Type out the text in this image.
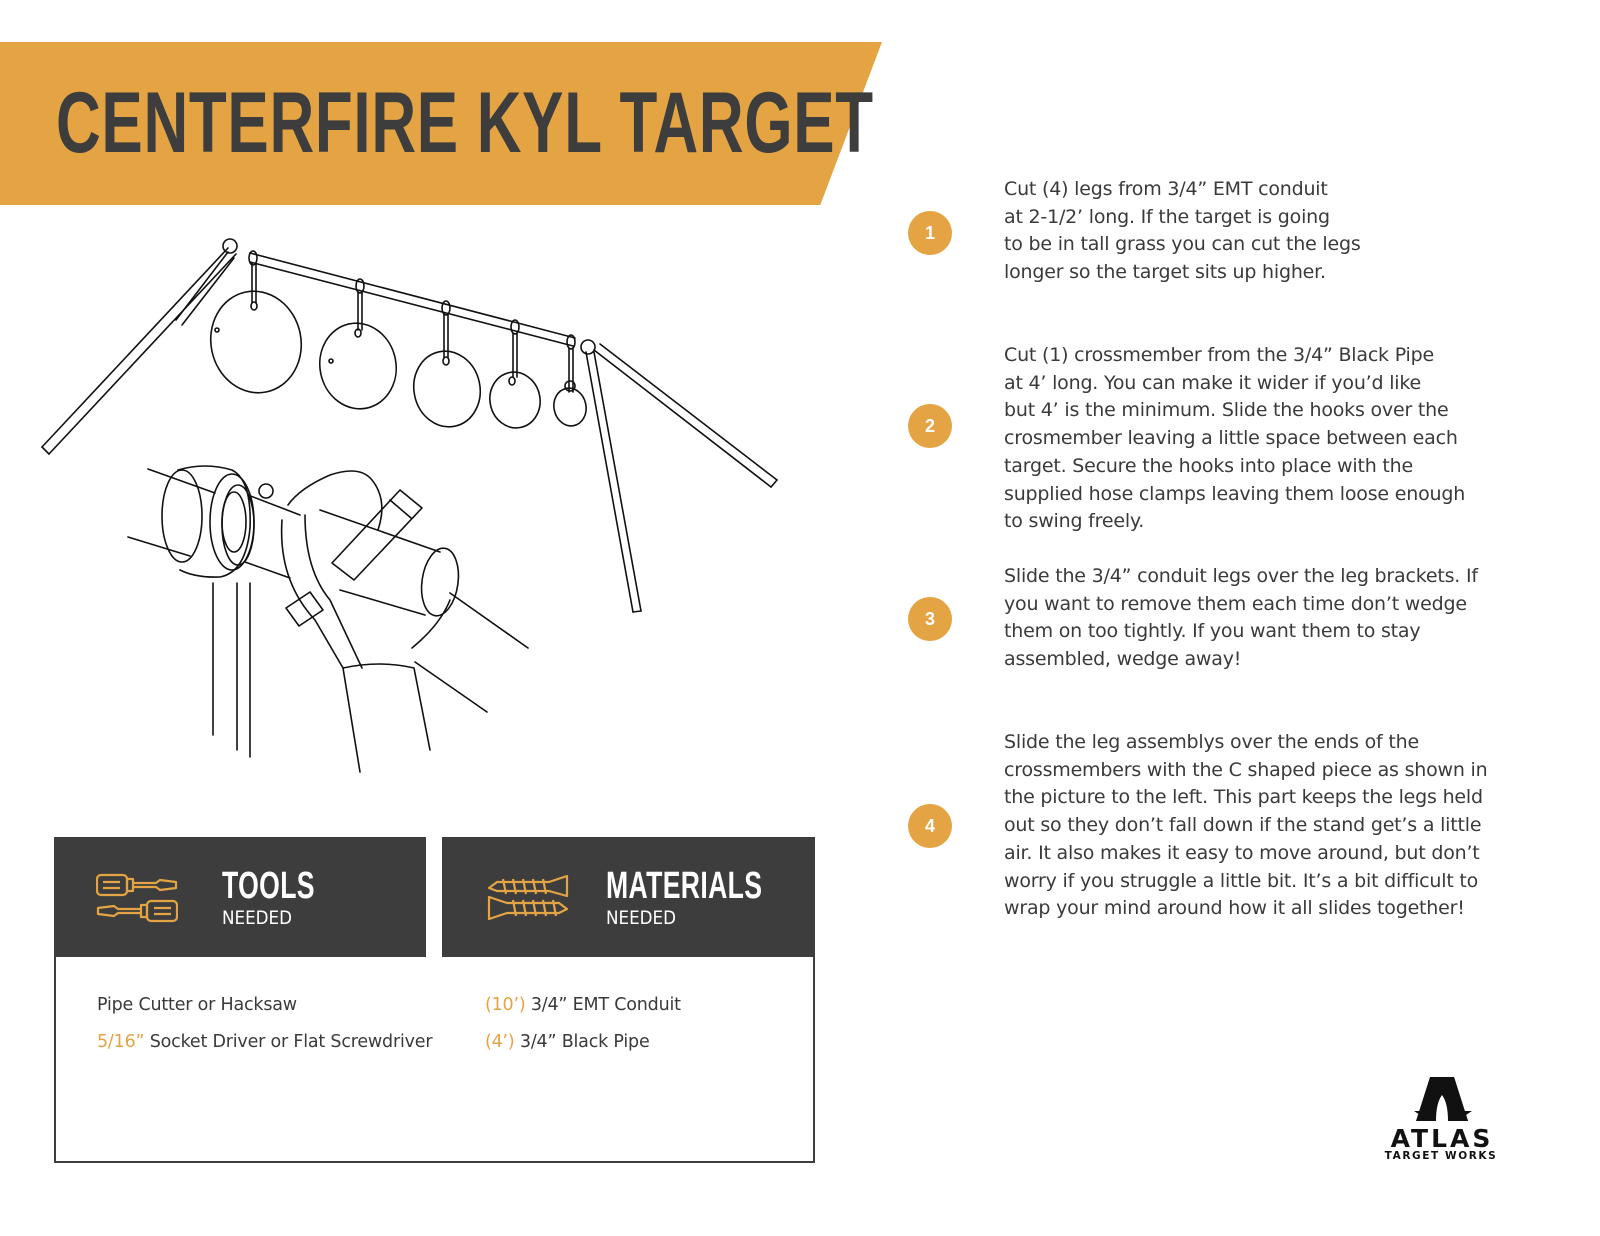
CENTERFIRE KYL TARGET
1
Cut (4) legs from 3/4” EMT conduit
at 2-1/2’ long. If the target is going
to be in tall grass you can cut the legs
longer so the target sits up higher.
2
Cut (1) crossmember from the 3/4” Black Pipe
at 4’ long. You can make it wider if you’d like
but 4’ is the minimum. Slide the hooks over the
crosmember leaving a little space between each
target. Secure the hooks into place with the
supplied hose clamps leaving them loose enough
to swing freely.
3
Slide the 3/4” conduit legs over the leg brackets. If
you want to remove them each time don’t wedge
them on too tightly. If you want them to stay
assembled, wedge away!
4
Slide the leg assemblys over the ends of the
crossmembers with the C shaped piece as shown in
the picture to the left. This part keeps the legs held
out so they don’t fall down if the stand get’s a little
air. It also makes it easy to move around, but don’t
worry if you struggle a little bit. It’s a bit difficult to
wrap your mind around how it all slides together!
TOOLS
NEEDED
MATERIALS
NEEDED
Pipe Cutter or Hacksaw
5/16” Socket Driver or Flat Screwdriver
(10’) 3/4” EMT Conduit
(4’) 3/4” Black Pipe
ATLAS
TARGET WORKS
